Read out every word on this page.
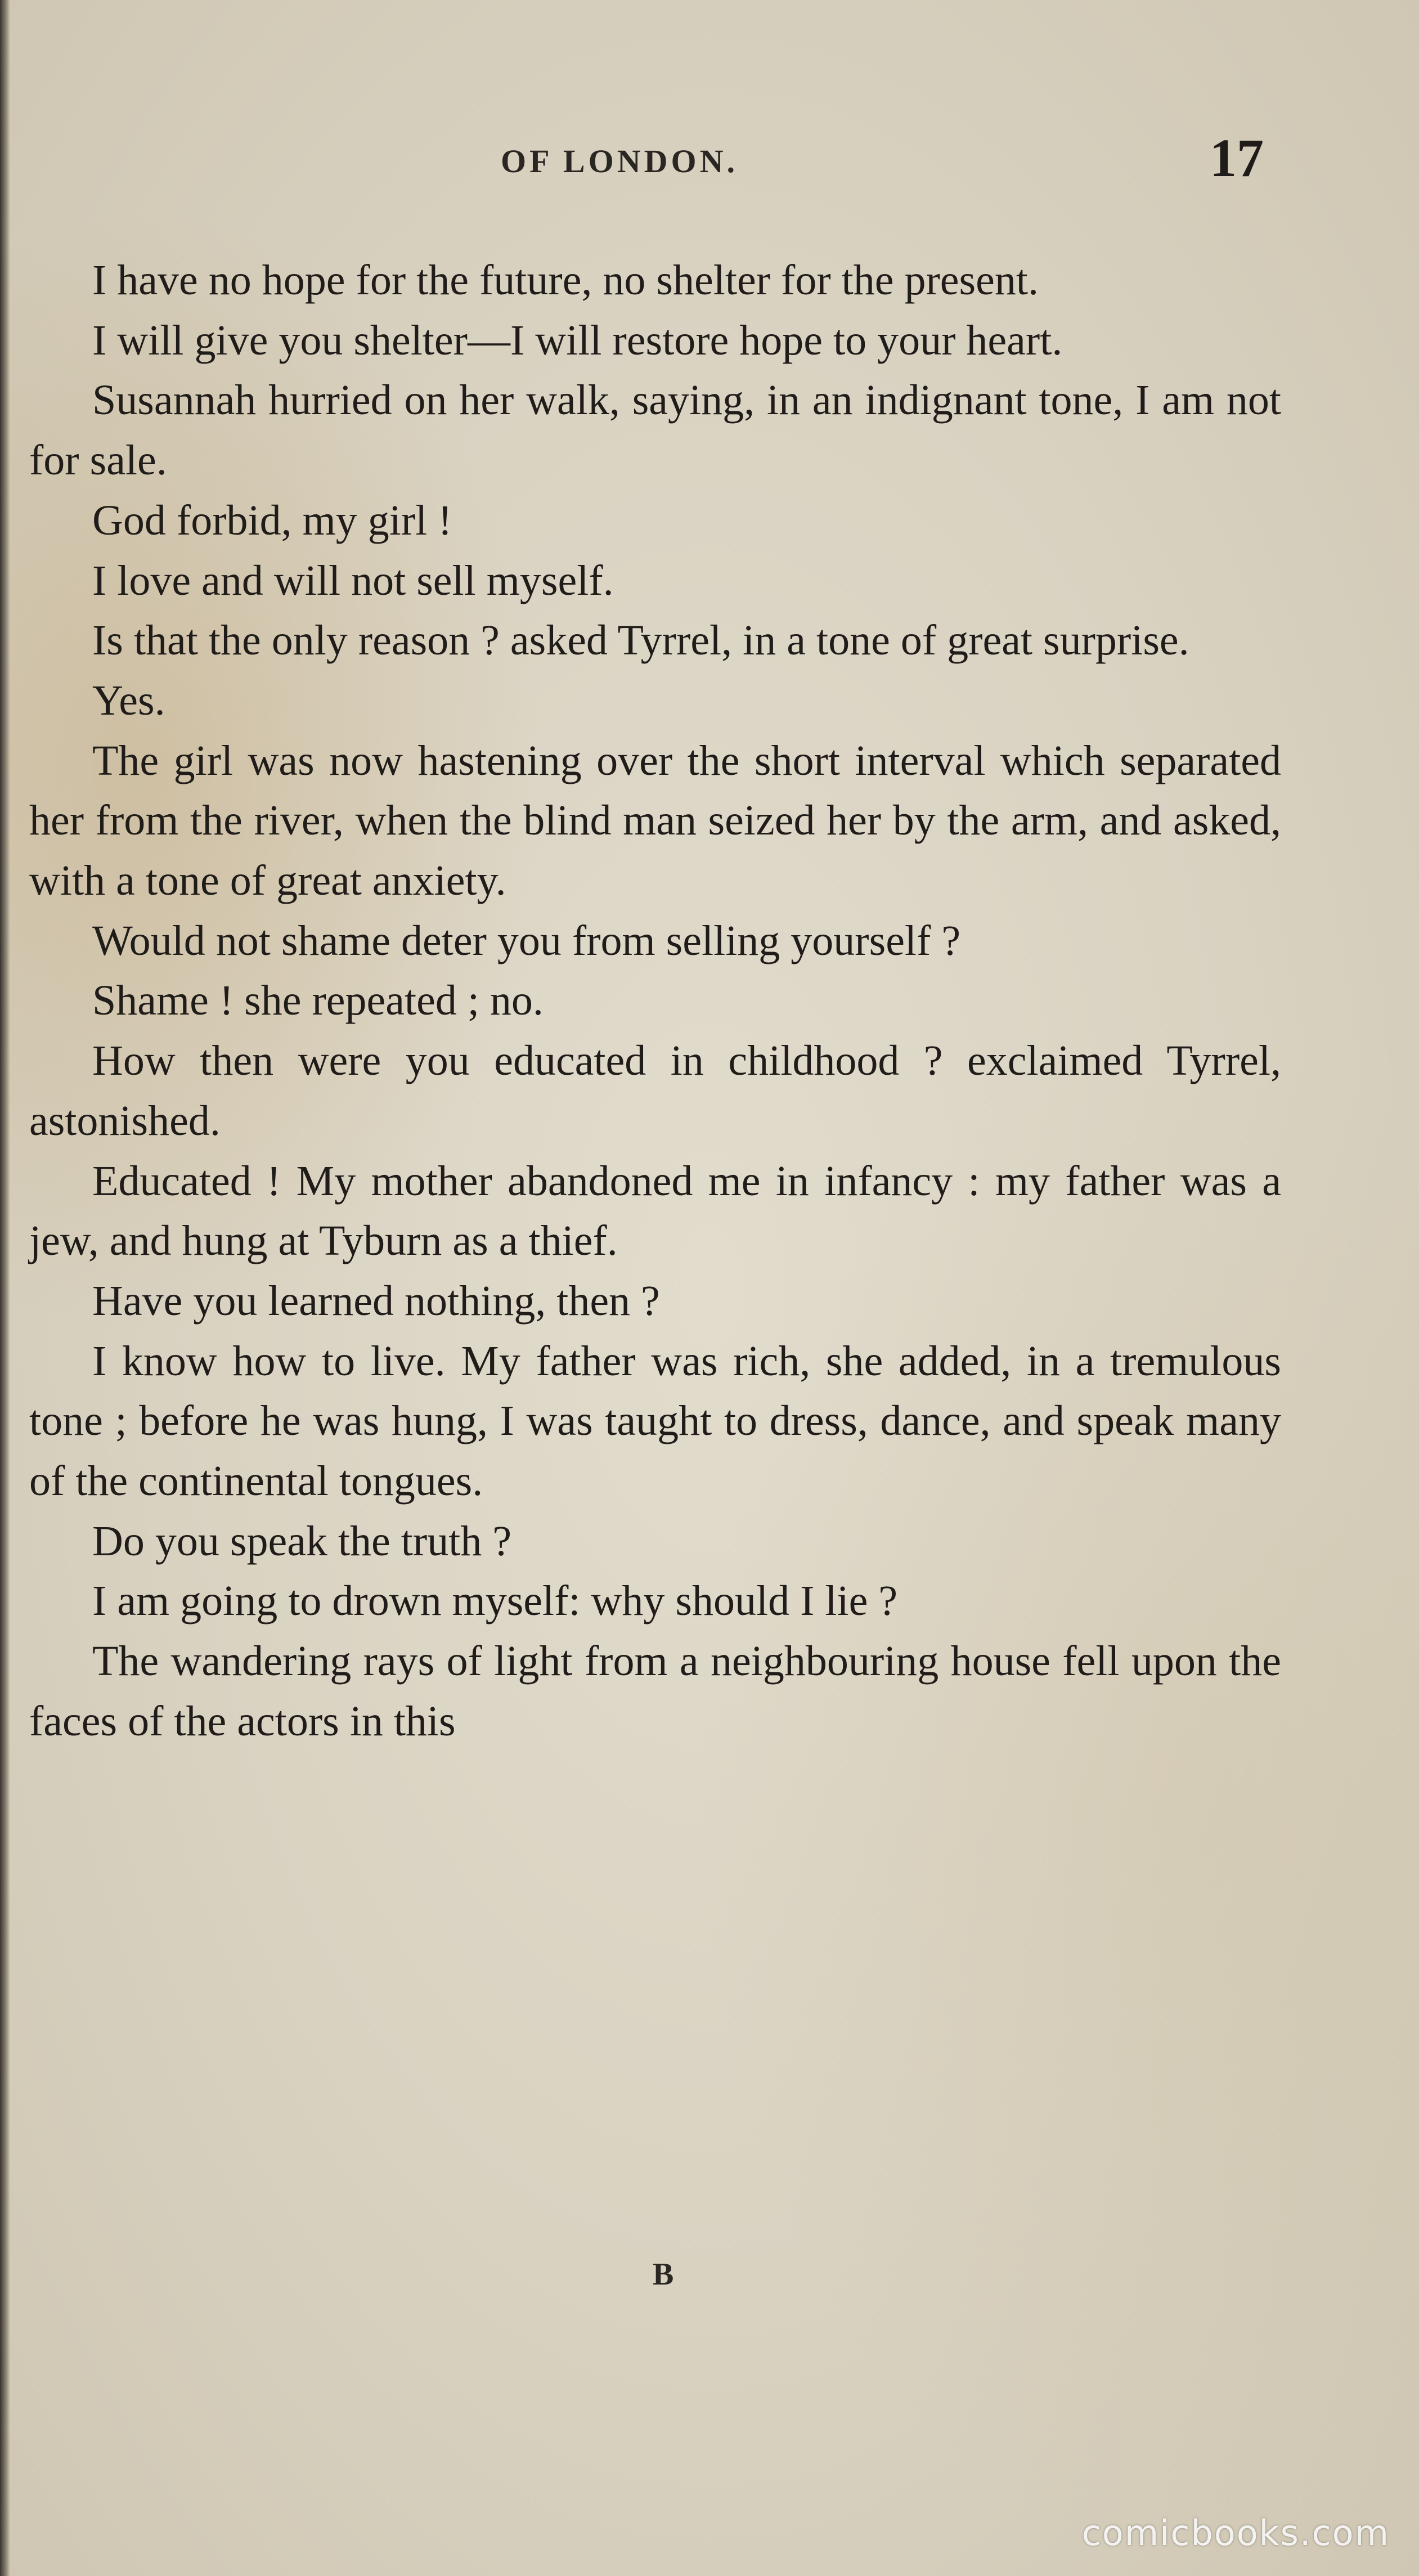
OF LONDON.	17

I have no hope for the future, no shelter for the present.

I will give you shelter—I will restore hope to your heart.

Susannah hurried on her walk, saying, in an indignant tone, I am not for sale.

God forbid, my girl !

I love and will not sell myself.

Is that the only reason ? asked Tyrrel, in a tone of great surprise.

Yes.

The girl was now hastening over the short interval which separated her from the river, when the blind man seized her by the arm, and asked, with a tone of great anxiety.

Would not shame deter you from selling yourself ?

Shame ! she repeated ; no.

How then were you educated in childhood ? exclaimed Tyrrel, astonished.

Educated ! My mother abandoned me in infancy : my father was a jew, and hung at Tyburn as a thief.

Have you learned nothing, then ?

I know how to live. My father was rich, she added, in a tremulous tone ; before he was hung, I was taught to dress, dance, and speak many of the continental tongues.

Do you speak the truth ?

I am going to drown myself: why should I lie ?

The wandering rays of light from a neighbouring house fell upon the faces of the actors in this

B
comicbooks.com
